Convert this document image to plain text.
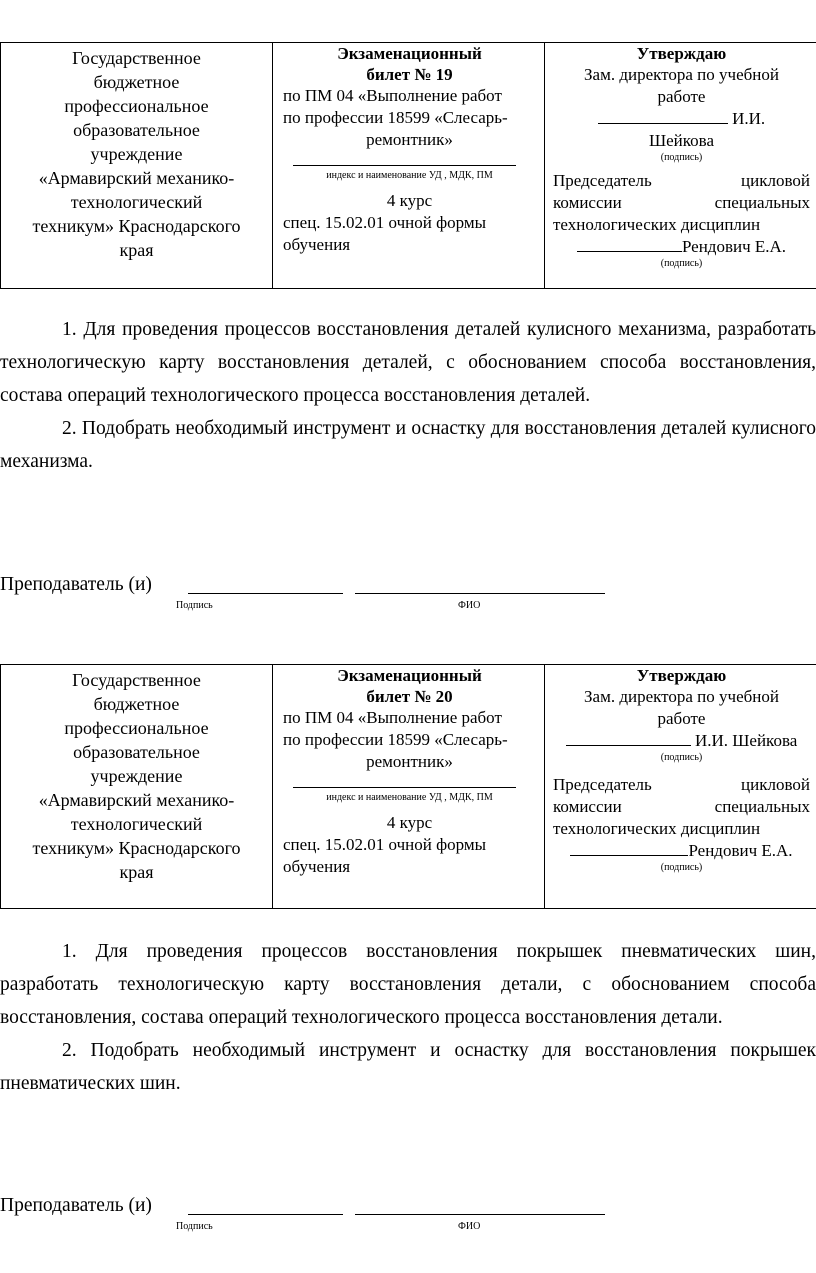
Государственное
бюджетное
профессиональное
образовательное
учреждение
«Армавирский механико-
технологический
техникум» Краснодарского
края

Экзаменационный
билет № 19
по ПМ 04 «Выполнение работ
по профессии 18599 «Слесарь-
ремонтник»
индекс и наименование УД , МДК, ПМ
4 курс
спец. 15.02.01 очной формы
обучения

Утверждаю
Зам. директора по учебной
работе
И.И.
Шейкова
(подпись)
Председатель	цикловой
комиссии	специальных
технологических дисциплин
Рендович Е.А.
(подпись)

1. Для проведения процессов восстановления деталей кулисного механизма, разработать технологическую карту восстановления деталей, с обоснованием способа восстановления, состава операций технологического процесса восстановления деталей.

2. Подобрать необходимый инструмент и оснастку для восстановления деталей кулисного механизма.

Преподаватель (и)
Подпись	ФИО
Государственное
бюджетное
профессиональное
образовательное
учреждение
«Армавирский механико-
технологический
техникум» Краснодарского
края

Экзаменационный
билет № 20
по ПМ 04 «Выполнение работ
по профессии 18599 «Слесарь-
ремонтник»
индекс и наименование УД , МДК, ПМ
4 курс
спец. 15.02.01 очной формы
обучения

Утверждаю
Зам. директора по учебной
работе
И.И. Шейкова
(подпись)
Председатель	цикловой
комиссии	специальных
технологических дисциплин
Рендович Е.А.
(подпись)

1. Для проведения процессов восстановления покрышек пневматических шин, разработать технологическую карту восстановления детали, с обоснованием способа восстановления, состава операций технологического процесса восстановления детали.

2. Подобрать необходимый инструмент и оснастку для восстановления покрышек пневматических шин.

Преподаватель (и)
Подпись	ФИО
